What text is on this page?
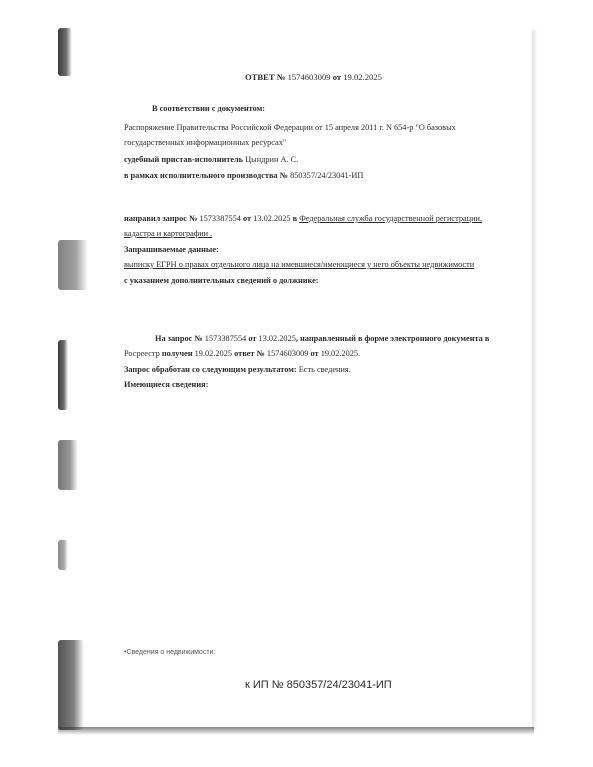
ОТВЕТ № 1574603009 от 19.02.2025
В соответствии с документом:
Распоряжение Правительства Российской Федерации от 15 апреля 2011 г. N 654-р "О базовых
государственных информационных ресурсах"
судебный пристав-исполнитель Цындрин А. С.
в рамках исполнительного производства № 850357/24/23041-ИП
направил запрос № 1573387554 от 13.02.2025 в Федеральная служба государственной регистрации,
кадастра и картографии .
Запрашиваемые данные:
выписку ЕГРН о правах отдельного лица на имевшиеся/имеющиеся у него объекты недвижимости
с указанием дополнительных сведений о должнике:
На запрос № 1573387554 от 13.02.2025, направленный в форме электронного документа в
Росреестр получен 19.02.2025 ответ № 1574603009 от 19.02.2025.
Запрос обработан со следующим результатом: Есть сведения.
Имеющиеся сведения:
•Сведения о недвижимости:
к ИП № 850357/24/23041-ИП
